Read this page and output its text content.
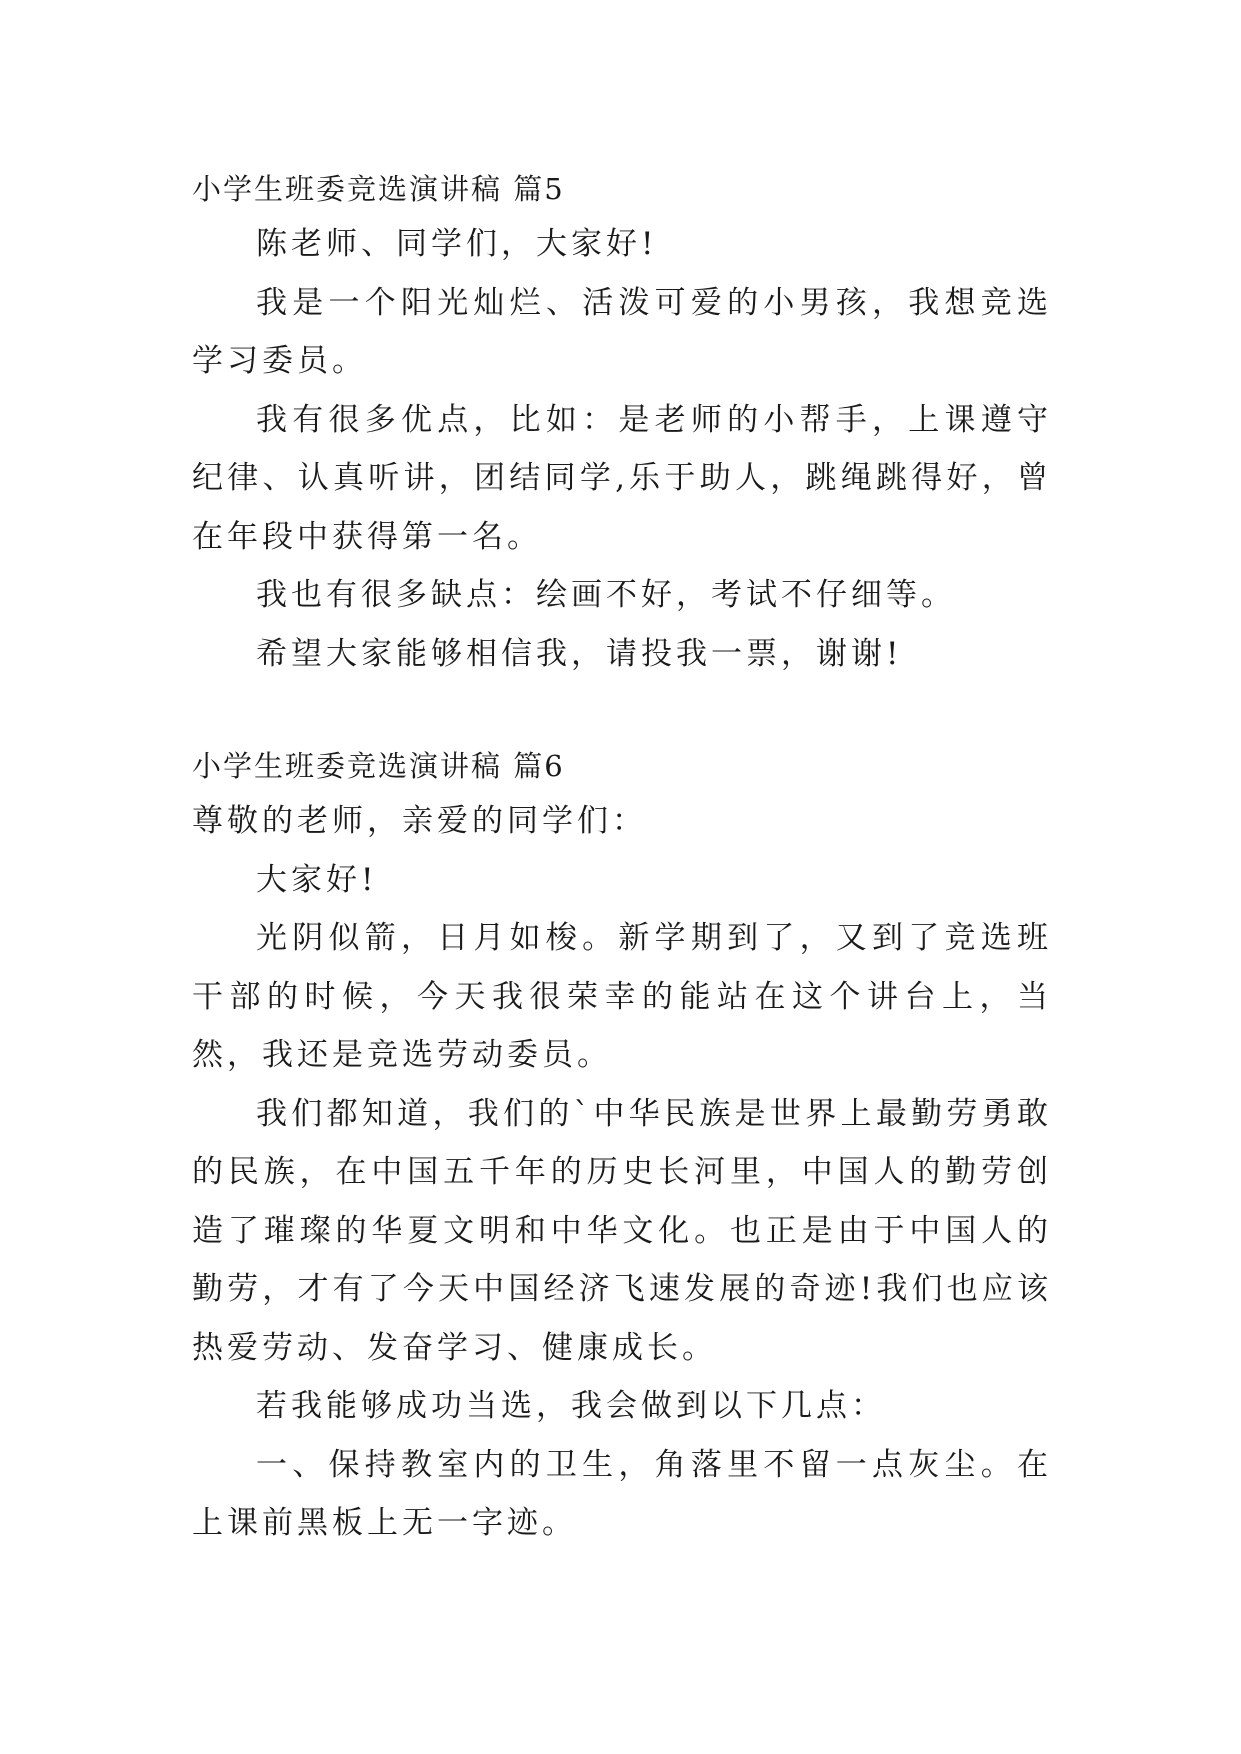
小学生班委竞选演讲稿 篇5

陈老师、同学们，大家好!

我是一个阳光灿烂、活泼可爱的小男孩，我想竞选学习委员。

我有很多优点，比如：是老师的小帮手，上课遵守纪律、认真听讲，团结同学,乐于助人，跳绳跳得好，曾在年段中获得第一名。

我也有很多缺点：绘画不好，考试不仔细等。

希望大家能够相信我，请投我一票，谢谢!

小学生班委竞选演讲稿 篇6

尊敬的老师，亲爱的同学们：

大家好!

光阴似箭，日月如梭。新学期到了，又到了竞选班干部的时候，今天我很荣幸的能站在这个讲台上，当然，我还是竞选劳动委员。

我们都知道，我们的`中华民族是世界上最勤劳勇敢的民族，在中国五千年的历史长河里，中国人的勤劳创造了璀璨的华夏文明和中华文化。也正是由于中国人的勤劳，才有了今天中国经济飞速发展的奇迹!我们也应该热爱劳动、发奋学习、健康成长。

若我能够成功当选，我会做到以下几点：

一、保持教室内的卫生，角落里不留一点灰尘。在上课前黑板上无一字迹。
